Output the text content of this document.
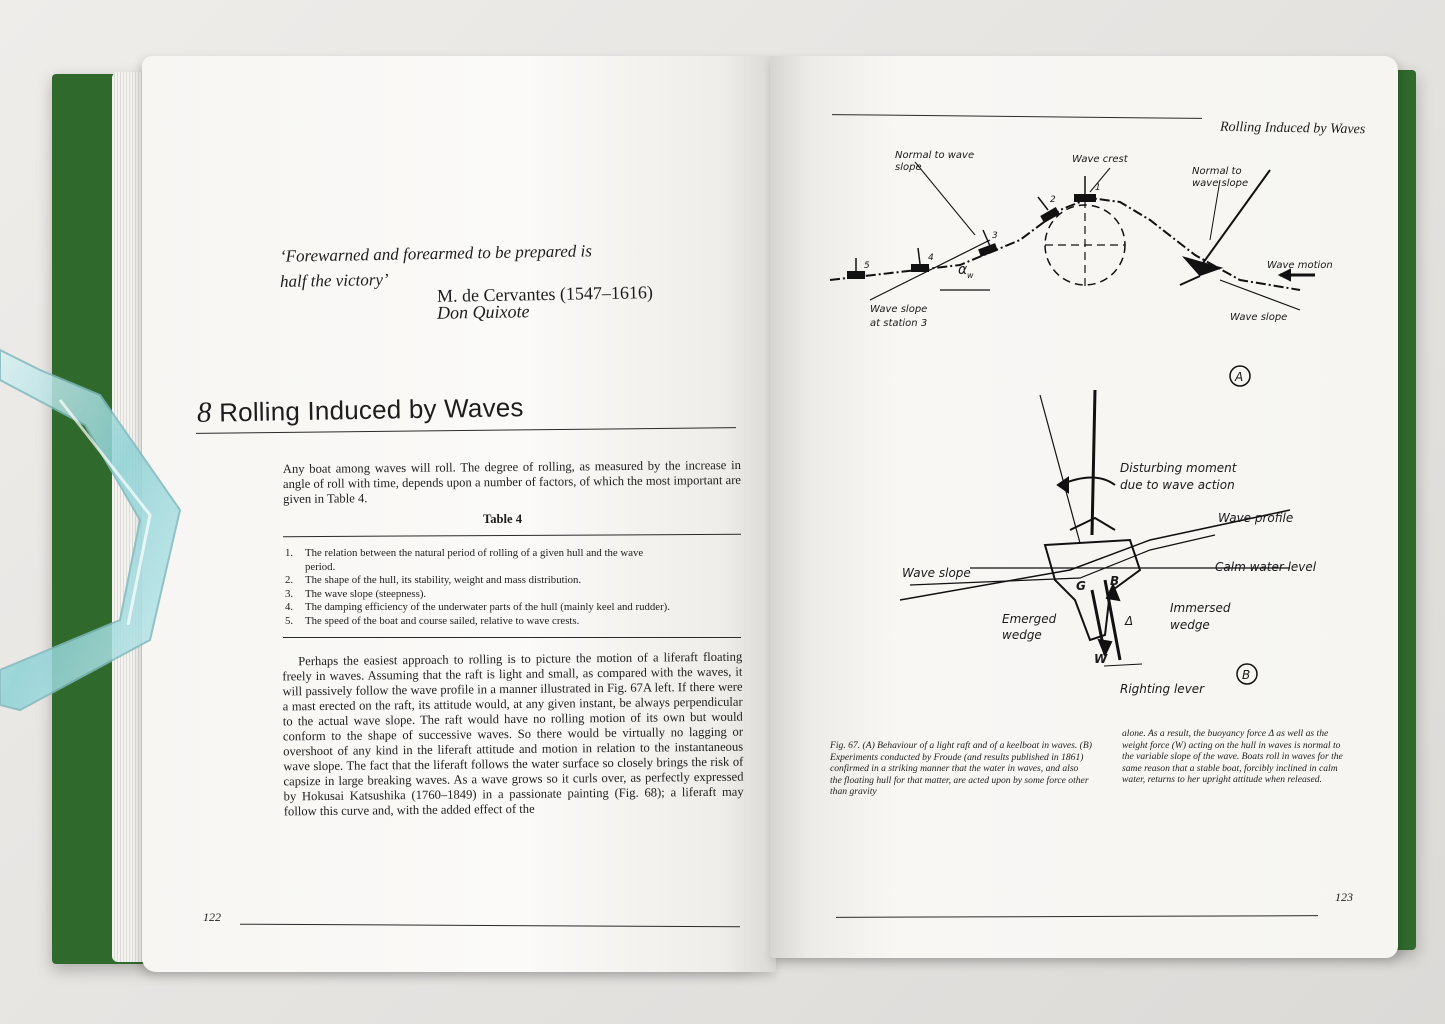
‘Forewarned and forearmed to be prepared is

half the victory’

M. de Cervantes (1547–1616)

Don Quixote

8 Rolling Induced by Waves

Any boat among waves will roll. The degree of rolling, as measured by the increase in angle of roll with time, depends upon a number of factors, of which the most important are given in Table 4.

Table 4

1.	The relation between the natural period of rolling of a given hull and the wave
period.
2.	The shape of the hull, its stability, weight and mass distribution.
3.	The wave slope (steepness).
4.	The damping efficiency of the underwater parts of the hull (mainly keel and rudder).
5.	The speed of the boat and course sailed, relative to wave crests.

Perhaps the easiest approach to rolling is to picture the motion of a liferaft floating freely in waves. Assuming that the raft is light and small, as compared with the waves, it will passively follow the wave profile in a manner illustrated in Fig. 67A left. If there were a mast erected on the raft, its attitude would, at any given instant, be always perpendicular to the actual wave slope. The raft would have no rolling motion of its own but would conform to the shape of successive waves. So there would be virtually no lagging or overshoot of any kind in the liferaft attitude and motion in relation to the instantaneous wave slope. The fact that the liferaft follows the water surface so closely brings the risk of capsize in large breaking waves. As a wave grows so it curls over, as perfectly expressed by Hokusai Katsushika (1760–1849) in a passionate painting (Fig. 68); a liferaft may follow this curve and, with the added effect of the

122

Rolling Induced by Waves

Normal to wave
slope
Wave crest
Normal to
wave slope
Wave motion
Wave slope
Wave slope
at station 3
α w
1
2
3
4
5
A
Disturbing moment
due to wave action
Wave profile
Calm water level
Wave slope
Emerged
wedge
Immersed
wedge
G B
Δ
W
Righting lever
B

Fig. 67. (A) Behaviour of a light raft and of a keelboat in waves. (B) Experiments conducted by Froude (and results published in 1861) confirmed in a striking manner that the water in waves, and also the floating hull for that matter, are acted upon by some force other than gravity

alone. As a result, the buoyancy force Δ as well as the weight force (W) acting on the hull in waves is normal to the variable slope of the wave. Boats roll in waves for the same reason that a stable boat, forcibly inclined in calm water, returns to her upright attitude when released.

123
